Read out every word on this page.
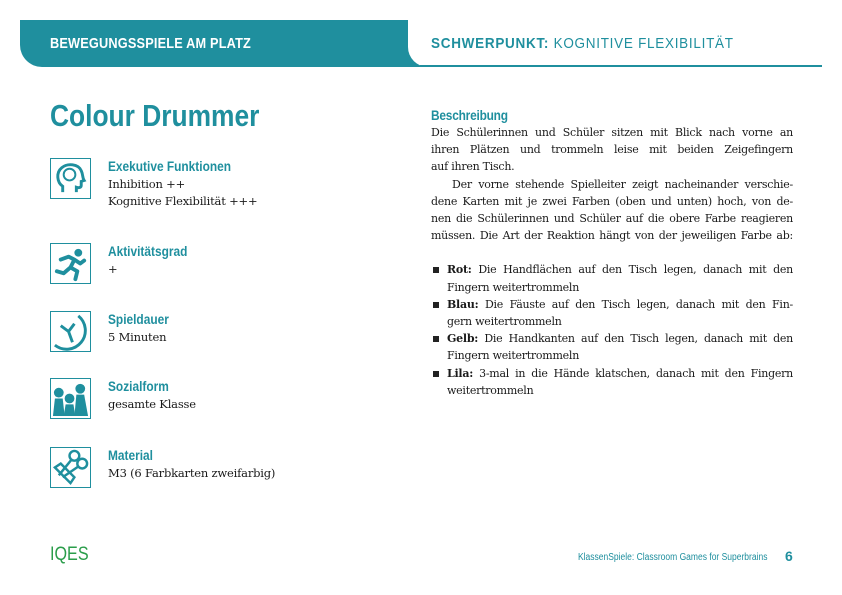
BEWEGUNGSSPIELE AM PLATZ	SCHWERPUNKT: KOGNITIVE FLEXIBILITÄT
Colour Drummer
Exekutive Funktionen
Inhibition ++
Kognitive Flexibilität +++
Aktivitätsgrad
+
Spieldauer
5 Minuten
Sozialform
gesamte Klasse
Material
M3 (6 Farbkarten zweifarbig)
Beschreibung
Die Schülerinnen und Schüler sitzen mit Blick nach vorne an
ihren Plätzen und trommeln leise mit beiden Zeigefingern
auf ihren Tisch.
Der vorne stehende Spielleiter zeigt nacheinander verschie-
dene Karten mit je zwei Farben (oben und unten) hoch, von de-
nen die Schülerinnen und Schüler auf die obere Farbe reagieren
müssen. Die Art der Reaktion hängt von der jeweiligen Farbe ab:
Rot: Die Handflächen auf den Tisch legen, danach mit den
Fingern weitertrommeln
Blau: Die Fäuste auf den Tisch legen, danach mit den Fin-
gern weitertrommeln
Gelb: Die Handkanten auf den Tisch legen, danach mit den
Fingern weitertrommeln
Lila: 3-mal in die Hände klatschen, danach mit den Fingern
weitertrommeln
IQES	KlassenSpiele: Classroom Games for Superbrains 6
